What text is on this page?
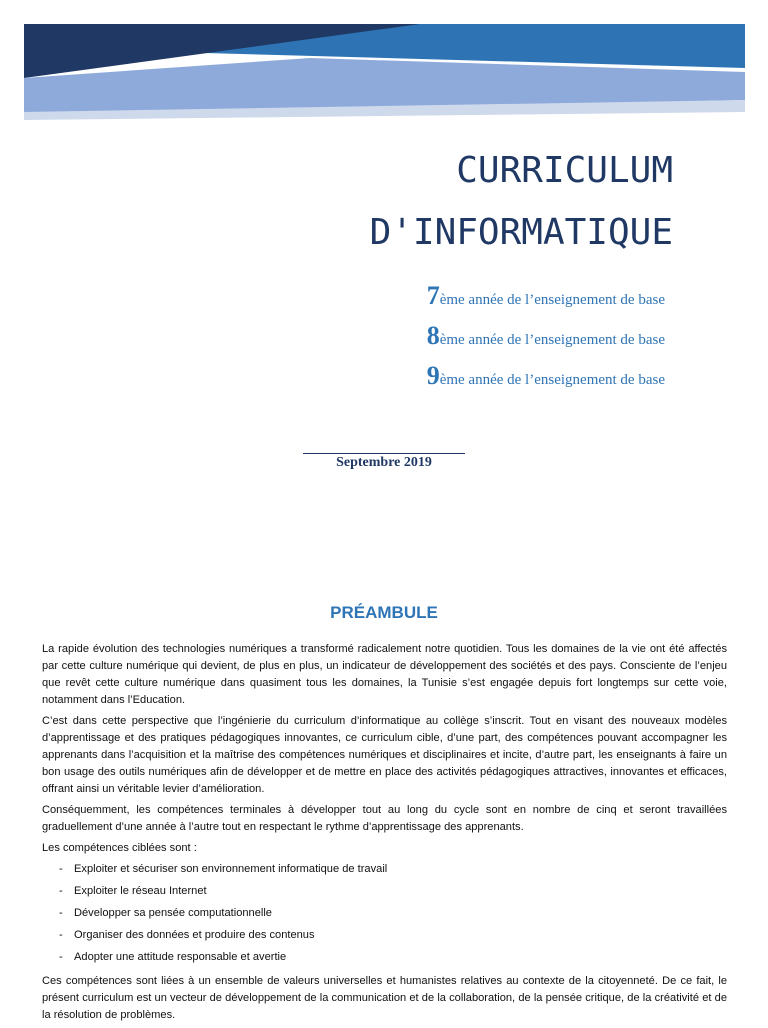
CURRICULUM
D'INFORMATIQUE
7ème année de l’enseignement de base
8ème année de l’enseignement de base
9ème année de l’enseignement de base
Septembre 2019
PRÉAMBULE

La rapide évolution des technologies numériques a transformé radicalement notre quotidien. Tous les domaines de la vie ont été affectés par cette culture numérique qui devient, de plus en plus, un indicateur de développement des sociétés et des pays. Consciente de l’enjeu que revêt cette culture numérique dans quasiment tous les domaines, la Tunisie s’est engagée depuis fort longtemps sur cette voie, notamment dans l’Education.

C’est dans cette perspective que l’ingénierie du curriculum d’informatique au collège s’inscrit. Tout en visant des nouveaux modèles d’apprentissage et des pratiques pédagogiques innovantes, ce curriculum cible, d’une part, des compétences pouvant accompagner les apprenants dans l’acquisition et la maîtrise des compétences numériques et disciplinaires et incite, d’autre part, les enseignants à faire un bon usage des outils numériques afin de développer et de mettre en place des activités pédagogiques attractives, innovantes et efficaces, offrant ainsi un véritable levier d’amélioration.

Conséquemment, les compétences terminales à développer tout au long du cycle sont en nombre de cinq et seront travaillées graduellement d’une année à l’autre tout en respectant le rythme d’apprentissage des apprenants.

Les compétences ciblées sont :

- Exploiter et sécuriser son environnement informatique de travail
- Exploiter le réseau Internet
- Développer sa pensée computationnelle
- Organiser des données et produire des contenus
- Adopter une attitude responsable et avertie

Ces compétences sont liées à un ensemble de valeurs universelles et humanistes relatives au contexte de la citoyenneté. De ce fait, le présent curriculum est un vecteur de développement de la communication et de la collaboration, de la pensée critique, de la créativité et de la résolution de problèmes.
